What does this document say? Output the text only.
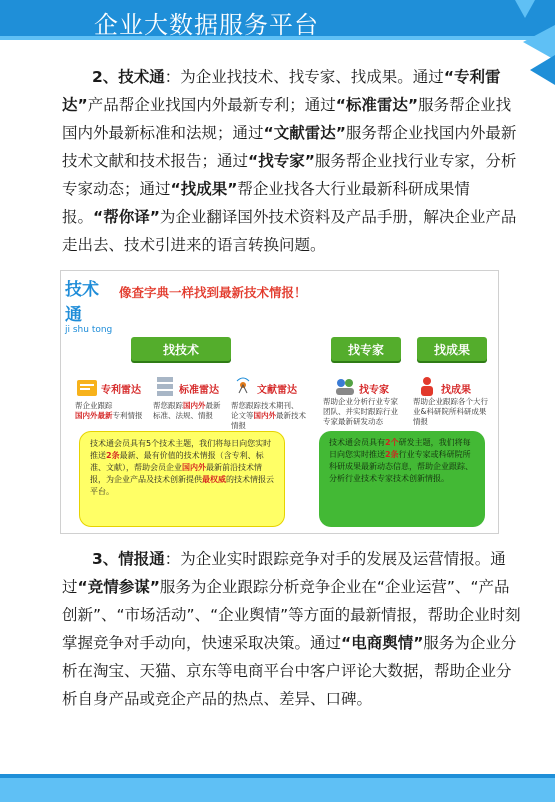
企业大数据服务平台
2、技术通：为企业找技术、找专家、找成果。通过“专利雷达”产品帮企业找国内外最新专利；通过“标准雷达”服务帮企业找国内外最新标准和法规；通过“文献雷达”服务帮企业找国内外最新技术文献和技术报告；通过“找专家”服务帮企业找行业专家，分析专家动态；通过“找成果”帮企业找各大行业最新科研成果情报。“帮你译”为企业翻译国外技术资料及产品手册，解决企业产品走出去、技术引进来的语言转换问题。
技术通
ji shu tong
像查字典一样找到最新技术情报！
找技术	找专家	找成果
专利雷达	标准雷达	文献雷达	找专家	找成果
帮企业跟踪
国内外最新专利情报
帮您跟踪国内外最新
标准、法规、情报
帮您跟踪技术期刊、
论文等国内外最新技术情报
帮助企业分析行业专家团队、并实时跟踪行业专家最新研发动态
帮助企业跟踪各个大行业&科研院所科研成果情报
技术通会员具有5个技术主题，我们将每日向您实时推送2条最新、最有价值的技术情报（含专利、标准、文献），帮助会员企业国内外最新前沿技术情报，为企业产品及技术创新提供最权威的技术情报云平台。
技术通会员具有2个研发主题，我们将每日向您实时推送2条行业专家或科研院所科研成果最新动态信息，帮助企业跟踪、分析行业技术专家技术创新情报。
3、情报通：为企业实时跟踪竞争对手的发展及运营情报。通过“竞情参谋”服务为企业跟踪分析竞争企业在“企业运营”、“产品创新”、“市场活动”、“企业舆情”等方面的最新情报，帮助企业时刻掌握竞争对手动向，快速采取决策。通过“电商舆情”服务为企业分析在淘宝、天猫、京东等电商平台中客户评论大数据，帮助企业分析自身产品或竞企产品的热点、差异、口碑。
